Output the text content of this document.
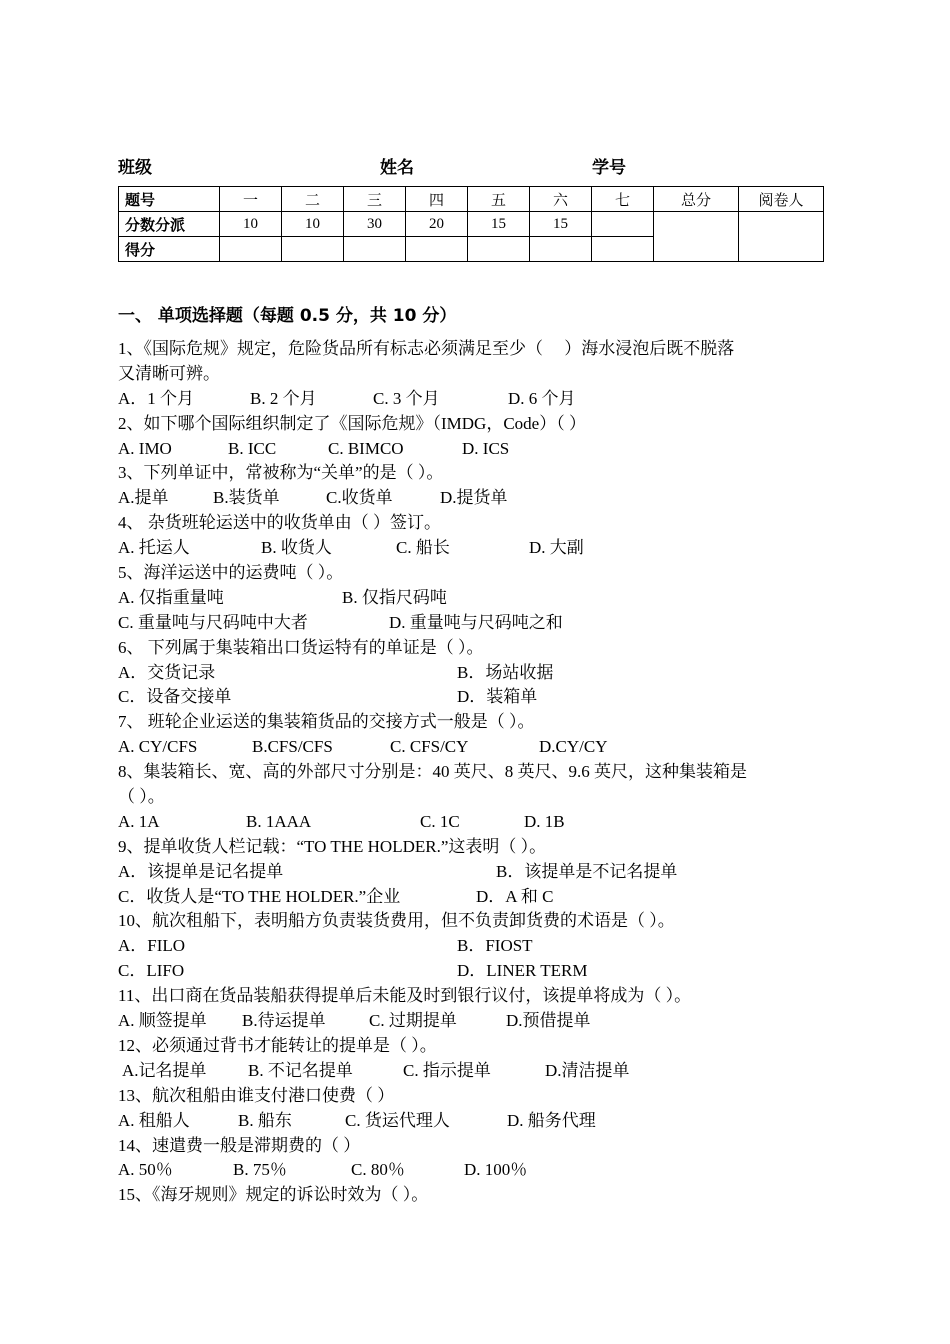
班级	姓名	学号
题号	一	二	三	四	五	六	七	总分	阅卷人
分数分派	10	10	30	20	15	15			
得分									
一、 单项选择题（每题 0.5 分，共 10 分）
1、《国际危规》规定，危险货品所有标志必须满足至少（　 ）海水浸泡后既不脱落
又清晰可辨。
A．1 个月	B. 2 个月	C. 3 个月	D. 6 个月
2、如下哪个国际组织制定了《国际危规》（IMDG，Code）（ ）
A. IMO	B. ICC	C. BIMCO	D. ICS
3、下列单证中，常被称为“关单”的是（ ）。
A.提单	B.装货单	C.收货单	D.提货单
4、 杂货班轮运送中的收货单由（ ）签订。
A. 托运人	B. 收货人	C. 船长	D. 大副
5、海洋运送中的运费吨（ ）。
A. 仅指重量吨	B. 仅指尺码吨
C. 重量吨与尺码吨中大者	D. 重量吨与尺码吨之和
6、 下列属于集装箱出口货运特有的单证是（ ）。
A．交货记录	B．场站收据
C．设备交接单	D．装箱单
7、 班轮企业运送的集装箱货品的交接方式一般是（ ）。
A. CY/CFS	B.CFS/CFS	C. CFS/CY	D.CY/CY
8、集装箱长、宽、高的外部尺寸分别是：40 英尺、8 英尺、9.6 英尺，这种集装箱是
（ ）。
A. 1A	B. 1AAA	C. 1C	D. 1B
9、提单收货人栏记载：“TO THE HOLDER.”这表明（ ）。
A．该提单是记名提单	B．该提单是不记名提单
C．收货人是“TO THE HOLDER.”企业	D．A 和 C
10、航次租船下，表明船方负责装货费用，但不负责卸货费的术语是（ ）。
A．FILO	B．FIOST
C．LIFO	D．LINER TERM
11、出口商在货品装船获得提单后未能及时到银行议付，该提单将成为（ ）。
A. 顺签提单 B.待运提单	C. 过期提单	D.预借提单
12、必须通过背书才能转让的提单是（ ）。
A.记名提单 B. 不记名提单	C. 指示提单	D.清洁提单
13、航次租船由谁支付港口使费（ ）
A. 租船人	B. 船东	C. 货运代理人	D. 船务代理
14、速遣费一般是滞期费的（ ）
A. 50％	B. 75％	C. 80％	D. 100％
15、《海牙规则》规定的诉讼时效为（ ）。
